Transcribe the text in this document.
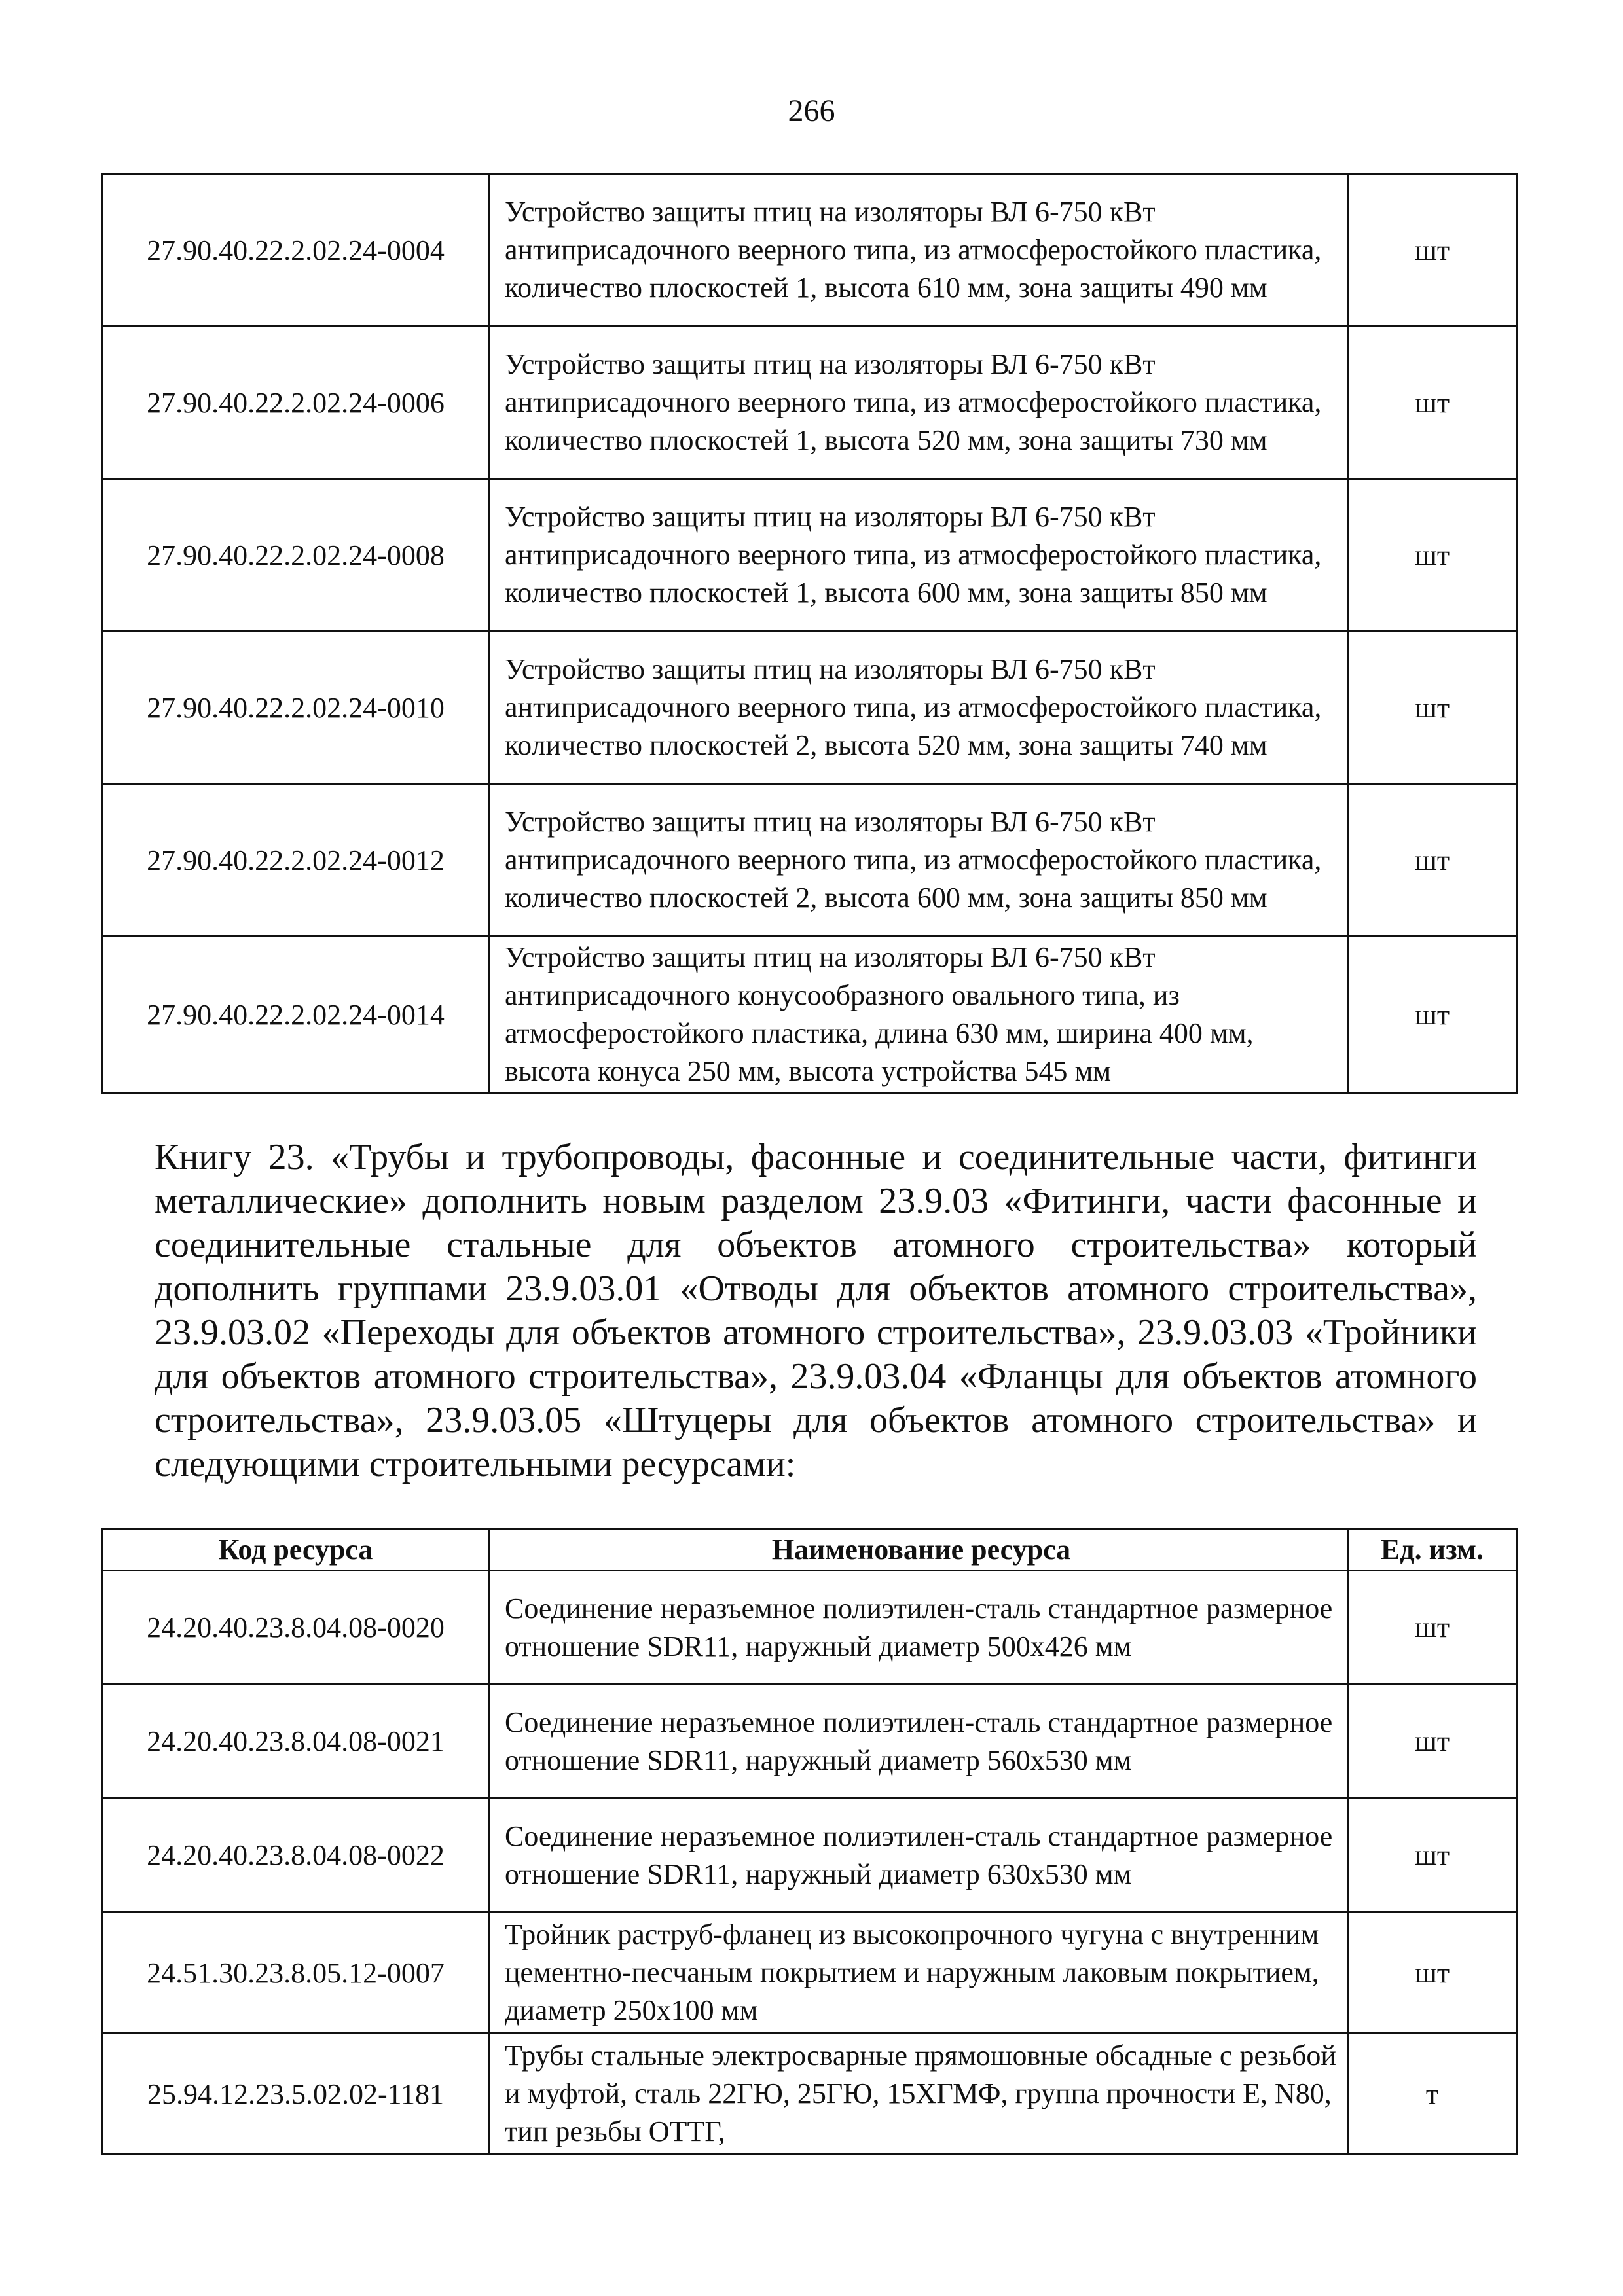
266
27.90.40.22.2.02.24-0004	Устройство защиты птиц на изоляторы ВЛ 6-750 кВт антиприсадочного веерного типа, из атмосферостойкого пластика, количество плоскостей 1, высота 610 мм, зона защиты 490 мм	шт
27.90.40.22.2.02.24-0006	Устройство защиты птиц на изоляторы ВЛ 6-750 кВт антиприсадочного веерного типа, из атмосферостойкого пластика, количество плоскостей 1, высота 520 мм, зона защиты 730 мм	шт
27.90.40.22.2.02.24-0008	Устройство защиты птиц на изоляторы ВЛ 6-750 кВт антиприсадочного веерного типа, из атмосферостойкого пластика, количество плоскостей 1, высота 600 мм, зона защиты 850 мм	шт
27.90.40.22.2.02.24-0010	Устройство защиты птиц на изоляторы ВЛ 6-750 кВт антиприсадочного веерного типа, из атмосферостойкого пластика, количество плоскостей 2, высота 520 мм, зона защиты 740 мм	шт
27.90.40.22.2.02.24-0012	Устройство защиты птиц на изоляторы ВЛ 6-750 кВт антиприсадочного веерного типа, из атмосферостойкого пластика, количество плоскостей 2, высота 600 мм, зона защиты 850 мм	шт
27.90.40.22.2.02.24-0014	Устройство защиты птиц на изоляторы ВЛ 6-750 кВт антиприсадочного конусообразного овального типа, из атмосферостойкого пластика, длина 630 мм, ширина 400 мм, высота конуса 250 мм, высота устройства 545 мм	шт
Книгу 23. «Трубы и трубопроводы, фасонные и соединительные части, фитинги металлические» дополнить новым разделом 23.9.03 «Фитинги, части фасонные и соединительные стальные для объектов атомного строительства» который дополнить группами 23.9.03.01 «Отводы для объектов атомного строительства», 23.9.03.02 «Переходы для объектов атомного строительства», 23.9.03.03 «Тройники для объектов атомного строительства», 23.9.03.04 «Фланцы для объектов атомного строительства», 23.9.03.05 «Штуцеры для объектов атомного строительства» и следующими строительными ресурсами:
Код ресурса	Наименование ресурса	Ед. изм.
24.20.40.23.8.04.08-0020	Соединение неразъемное полиэтилен-сталь стандартное размерное отношение SDR11, наружный диаметр 500х426 мм	шт
24.20.40.23.8.04.08-0021	Соединение неразъемное полиэтилен-сталь стандартное размерное отношение SDR11, наружный диаметр 560х530 мм	шт
24.20.40.23.8.04.08-0022	Соединение неразъемное полиэтилен-сталь стандартное размерное отношение SDR11, наружный диаметр 630х530 мм	шт
24.51.30.23.8.05.12-0007	Тройник раструб-фланец из высокопрочного чугуна с внутренним цементно-песчаным покрытием и наружным лаковым покрытием, диаметр 250х100 мм	шт
25.94.12.23.5.02.02-1181	Трубы стальные электросварные прямошовные обсадные с резьбой и муфтой, сталь 22ГЮ, 25ГЮ, 15ХГМФ, группа прочности Е, N80, тип резьбы ОТТГ,	т
